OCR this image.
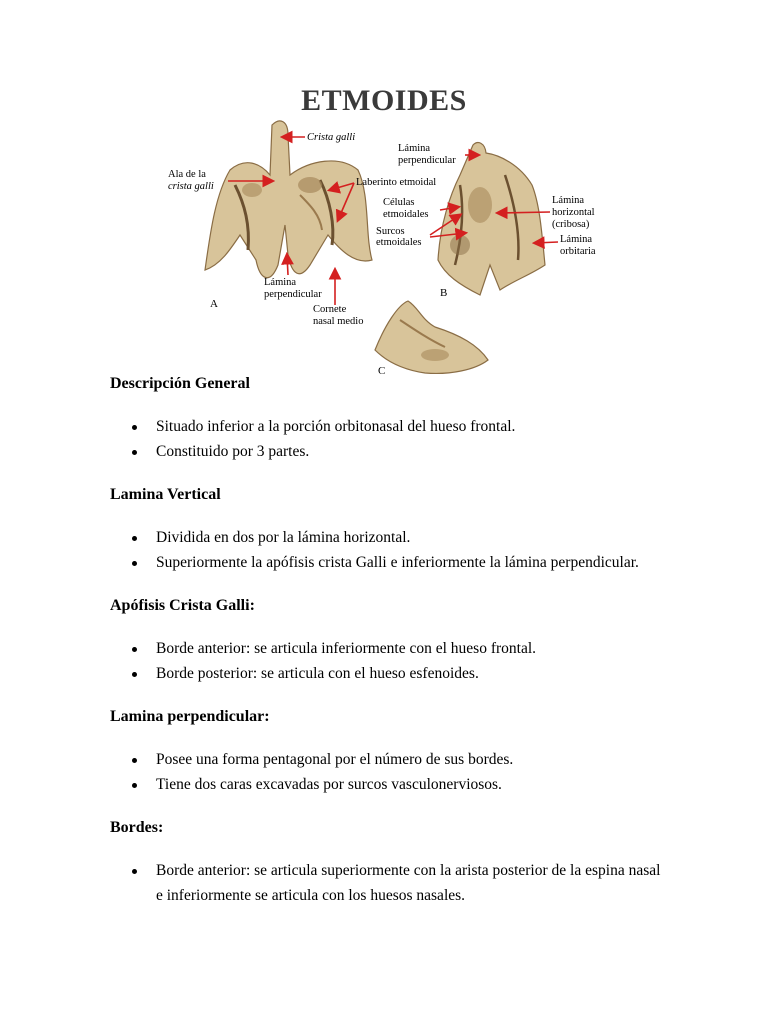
ETMOIDES
Crista galli
Ala de la
crista galli	Laberinto etmoidal
Lámina
perpendicular
Cornete
nasal medio
Lámina
perpendicular
Células
etmoidales
Surcos
etmoidales
Lámina
horizontal
(cribosa)
Lámina
orbitaria
A
B
C
Descripción General
Situado inferior a la porción orbitonasal del hueso frontal.
Constituido por 3 partes.
Lamina Vertical
Dividida en dos por la lámina horizontal.
Superiormente la apófisis crista Galli e inferiormente la lámina perpendicular.
Apófisis Crista Galli:
Borde anterior: se articula inferiormente con el hueso frontal.
Borde posterior: se articula con el hueso esfenoides.
Lamina perpendicular:
Posee una forma pentagonal por el número de sus bordes.
Tiene dos caras excavadas por surcos vasculonerviosos.
Bordes:
Borde anterior: se articula superiormente con la arista posterior de la espina nasal e inferiormente se articula con los huesos nasales.
